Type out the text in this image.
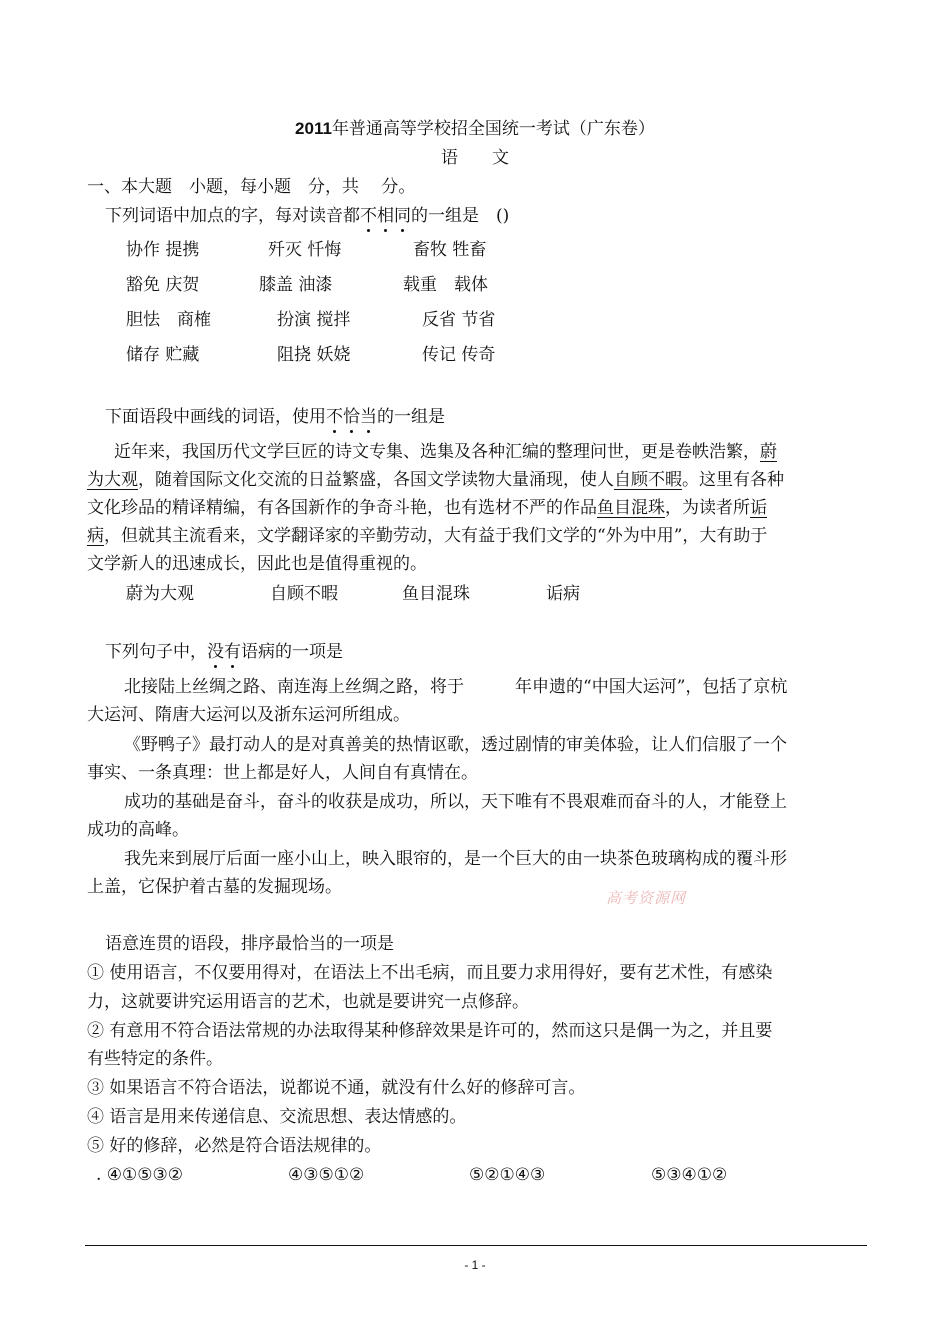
2011年普通高等学校招全国统一考试（广东卷）
语　　文
一、本大题　小题，每小题　分，共　 分。
下列词语中加点的字，每对读音都不相同的一组是　()
协作 提携	歼灭 忏悔	畜牧 牲畜
豁免 庆贺	膝盖 油漆	载重　载体
胆怯　商榷	扮演 搅拌	反省 节省
储存 贮藏	阻挠 妖娆	传记 传奇
下面语段中画线的词语，使用不恰当的一组是
近年来，我国历代文学巨匠的诗文专集、选集及各种汇编的整理问世，更是卷帙浩繁，蔚
为大观，随着国际文化交流的日益繁盛，各国文学读物大量涌现，使人自顾不暇。这里有各种
文化珍品的精译精编，有各国新作的争奇斗艳，也有选材不严的作品鱼目混珠，为读者所诟
病，但就其主流看来，文学翻译家的辛勤劳动，大有益于我们文学的“外为中用”，大有助于
文学新人的迅速成长，因此也是值得重视的。
蔚为大观	自顾不暇	鱼目混珠	诟病
下列句子中，没有语病的一项是
北接陆上丝绸之路、南连海上丝绸之路，将于　　　年申遗的“中国大运河”，包括了京杭
大运河、隋唐大运河以及浙东运河所组成。
《野鸭子》最打动人的是对真善美的热情讴歌，透过剧情的审美体验，让人们信服了一个
事实、一条真理：世上都是好人，人间自有真情在。
成功的基础是奋斗，奋斗的收获是成功，所以，天下唯有不畏艰难而奋斗的人，才能登上
成功的高峰。
我先来到展厅后面一座小山上，映入眼帘的，是一个巨大的由一块茶色玻璃构成的覆斗形
上盖，它保护着古墓的发掘现场。
高考资源网
语意连贯的语段，排序最恰当的一项是
① 使用语言，不仅要用得对，在语法上不出毛病，而且要力求用得好，要有艺术性，有感染
力，这就要讲究运用语言的艺术，也就是要讲究一点修辞。
② 有意用不符合语法常规的办法取得某种修辞效果是许可的，然而这只是偶一为之，并且要
有些特定的条件。
③ 如果语言不符合语法，说都说不通，就没有什么好的修辞可言。
④ 语言是用来传递信息、交流思想、表达情感的。
⑤ 好的修辞，必然是符合语法规律的。
. ④①⑤③②	④③⑤①②	⑤②①④③	⑤③④①②
- 1 -
